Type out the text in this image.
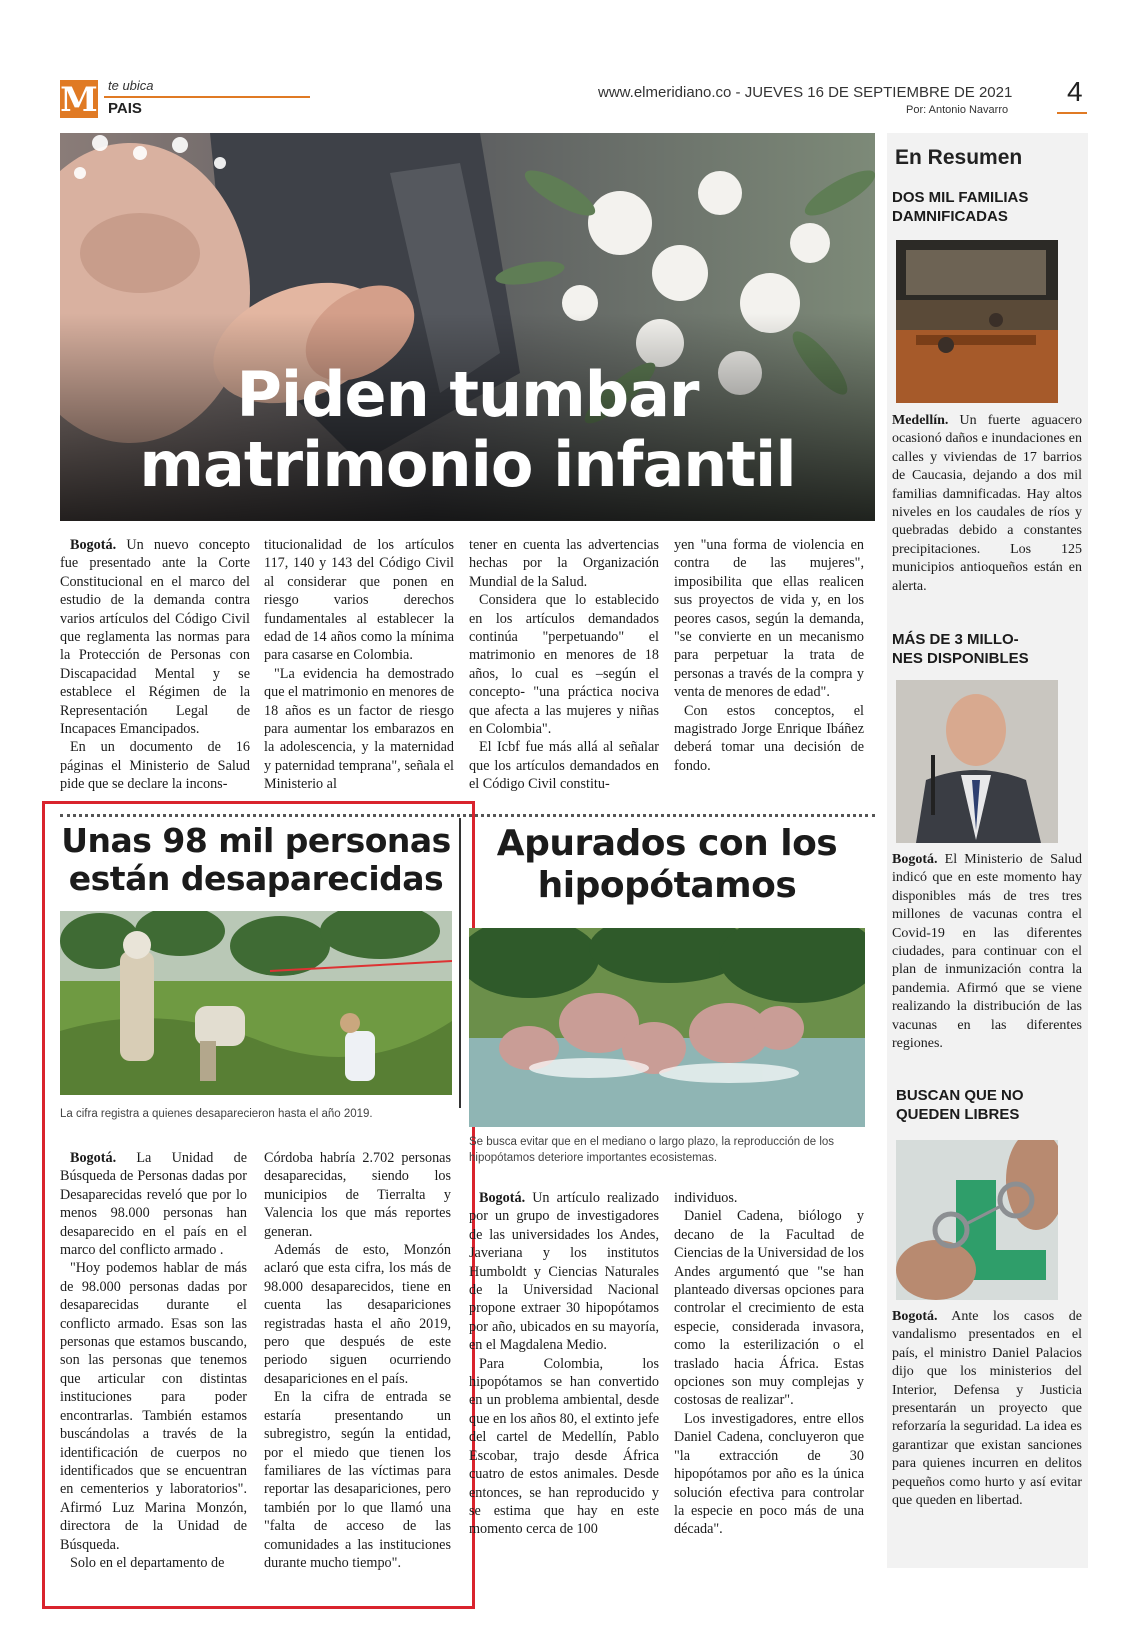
M te ubica
PAIS
www.elmeridiano.co - JUEVES 16 DE SEPTIEMBRE DE 2021
Por: Antonio Navarro
4
Piden tumbar
matrimonio infantil

Bogotá. Un nuevo concepto fue presentado ante la Corte Constitucional en el marco del estudio de la demanda contra varios artículos del Código Civil que reglamenta las normas para la Protección de Personas con Discapacidad Mental y se establece el Régimen de la Representación Legal de Incapaces Emancipados.

En un documento de 16 páginas el Ministerio de Salud pide que se declare la incons-

titucionalidad de los artículos 117, 140 y 143 del Código Civil al considerar que ponen en riesgo varios derechos fundamentales al establecer la edad de 14 años como la mínima para casarse en Colombia.

"La evidencia ha demostrado que el matrimonio en menores de 18 años es un factor de riesgo para aumentar los embarazos en la adolescencia, y la maternidad y paternidad temprana", señala el Ministerio al

tener en cuenta las advertencias hechas por la Organización Mundial de la Salud.

Considera que lo establecido en los artículos demandados continúa "perpetuando" el matrimonio en menores de 18 años, lo cual es –según el concepto- "una práctica nociva que afecta a las mujeres y niñas en Colombia".

El Icbf fue más allá al señalar que los artículos demandados en el Código Civil constitu-

yen "una forma de violencia en contra de las mujeres", imposibilita que ellas realicen sus proyectos de vida y, en los peores casos, según la demanda, "se convierte en un mecanismo para perpetuar la trata de personas a través de la compra y venta de menores de edad".

Con estos conceptos, el magistrado Jorge Enrique Ibáñez deberá tomar una decisión de fondo.

Unas 98 mil personas
están desaparecidas
La cifra registra a quienes desaparecieron hasta el año 2019.

Bogotá. La Unidad de Búsqueda de Personas dadas por Desaparecidas reveló que por lo menos 98.000 personas han desaparecido en el país en el marco del conflicto armado .

"Hoy podemos hablar de más de 98.000 personas dadas por desaparecidas durante el conflicto armado. Esas son las personas que estamos buscando, son las personas que tenemos que articular con distintas instituciones para poder encontrarlas. También estamos buscándolas a través de la identificación de cuerpos no identificados que se encuentran en cementerios y laboratorios". Afirmó Luz Marina Monzón, directora de la Unidad de Búsqueda.

Solo en el departamento de

Córdoba habría 2.702 personas desaparecidas, siendo los municipios de Tierralta y Valencia los que más reportes generan.

Además de esto, Monzón aclaró que esta cifra, los más de 98.000 desaparecidos, tiene en cuenta las desapariciones registradas hasta el año 2019, pero que después de este periodo siguen ocurriendo desapariciones en el país.

En la cifra de entrada se estaría presentando un subregistro, según la entidad, por el miedo que tienen los familiares de las víctimas para reportar las desapariciones, pero también por lo que llamó una "falta de acceso de las comunidades a las instituciones durante mucho tiempo".

Apurados con los
hipopótamos
Se busca evitar que en el mediano o largo plazo, la reproducción de los hipopótamos deteriore importantes ecosistemas.

Bogotá. Un artículo realizado por un grupo de investigadores de las universidades los Andes, Javeriana y los institutos Humboldt y Ciencias Naturales de la Universidad Nacional propone extraer 30 hipopótamos por año, ubicados en su mayoría, en el Magdalena Medio.

Para Colombia, los hipopótamos se han convertido en un problema ambiental, desde que en los años 80, el extinto jefe del cartel de Medellín, Pablo Escobar, trajo desde África cuatro de estos animales. Desde entonces, se han reproducido y se estima que hay en este momento cerca de 100

individuos.

Daniel Cadena, biólogo y decano de la Facultad de Ciencias de la Universidad de los Andes argumentó que "se han planteado diversas opciones para controlar el crecimiento de esta especie, considerada invasora, como la esterilización o el traslado hacia África. Estas opciones son muy complejas y costosas de realizar".

Los investigadores, entre ellos Daniel Cadena, concluyeron que "la extracción de 30 hipopótamos por año es la única solución efectiva para controlar la especie en poco más de una década".

En Resumen
DOS MIL FAMILIAS
DAMNIFICADAS
Medellín. Un fuerte aguacero ocasionó daños e inundaciones en calles y viviendas de 17 barrios de Caucasia, dejando a dos mil familias damnificadas. Hay altos niveles en los caudales de ríos y quebradas debido a constantes precipitaciones. Los 125 municipios antioqueños están en alerta.
MÁS DE 3 MILLO-
NES DISPONIBLES
Bogotá. El Ministerio de Salud indicó que en este momento hay disponibles más de tres tres millones de vacunas contra el Covid-19 en las diferentes ciudades, para continuar con el plan de inmunización contra la pandemia. Afirmó que se viene realizando la distribución de las vacunas en las diferentes regiones.
BUSCAN QUE NO
QUEDEN LIBRES
Bogotá. Ante los casos de vandalismo presentados en el país, el ministro Daniel Palacios dijo que los ministerios del Interior, Defensa y Justicia presentarán un proyecto que reforzaría la seguridad. La idea es garantizar que existan sanciones para quienes incurren en delitos pequeños como hurto y así evitar que queden en libertad.
